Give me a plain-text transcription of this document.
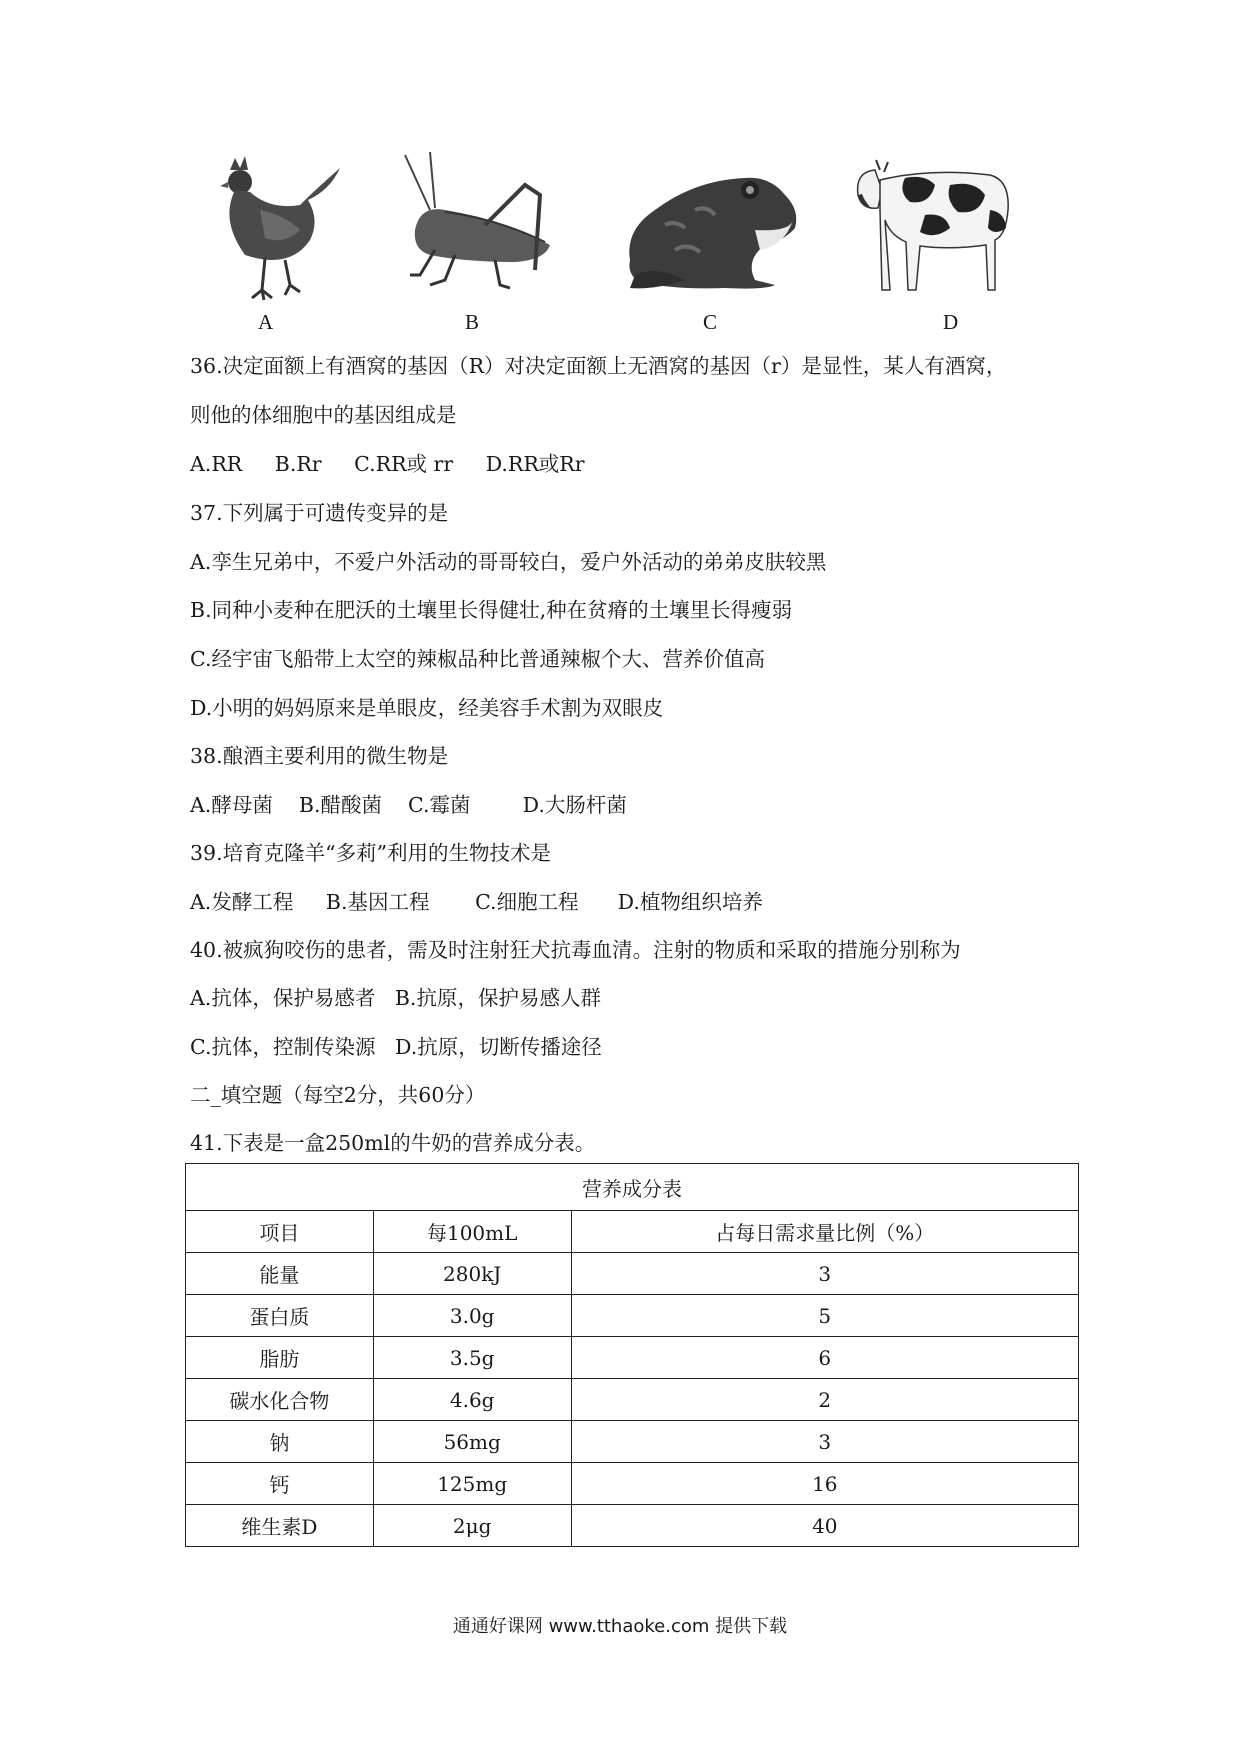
A	B	C	D
36.决定面额上有酒窝的基因（R）对决定面额上无酒窝的基因（r）是显性，某人有酒窝，
则他的体细胞中的基因组成是
A.RR     B.Rr     C.RR或 rr     D.RR或Rr
37.下列属于可遗传变异的是
A.孪生兄弟中，不爱户外活动的哥哥较白，爱户外活动的弟弟皮肤较黑
B.同种小麦种在肥沃的土壤里长得健壮,种在贫瘠的土壤里长得瘦弱
C.经宇宙飞船带上太空的辣椒品种比普通辣椒个大、营养价值高
D.小明的妈妈原来是单眼皮，经美容手术割为双眼皮
38.酿酒主要利用的微生物是
A.酵母菌    B.醋酸菌    C.霉菌        D.大肠杆菌
39.培育克隆羊“多莉”利用的生物技术是
A.发酵工程     B.基因工程       C.细胞工程      D.植物组织培养
40.被疯狗咬伤的患者，需及时注射狂犬抗毒血清。注射的物质和采取的措施分别称为
A.抗体，保护易感者   B.抗原，保护易感人群
C.抗体，控制传染源   D.抗原，切断传播途径
二_填空题（每空2分，共60分）
41.下表是一盒250ml的牛奶的营养成分表。
营养成分表		
项目	每100mL	占每日需求量比例（%）
能量	280kJ	3
蛋白质	3.0g	5
脂肪	3.5g	6
碳水化合物	4.6g	2
钠	56mg	3
钙	125mg	16
维生素D	2μg	40
通通好课网 www.tthaoke.com 提供下载
